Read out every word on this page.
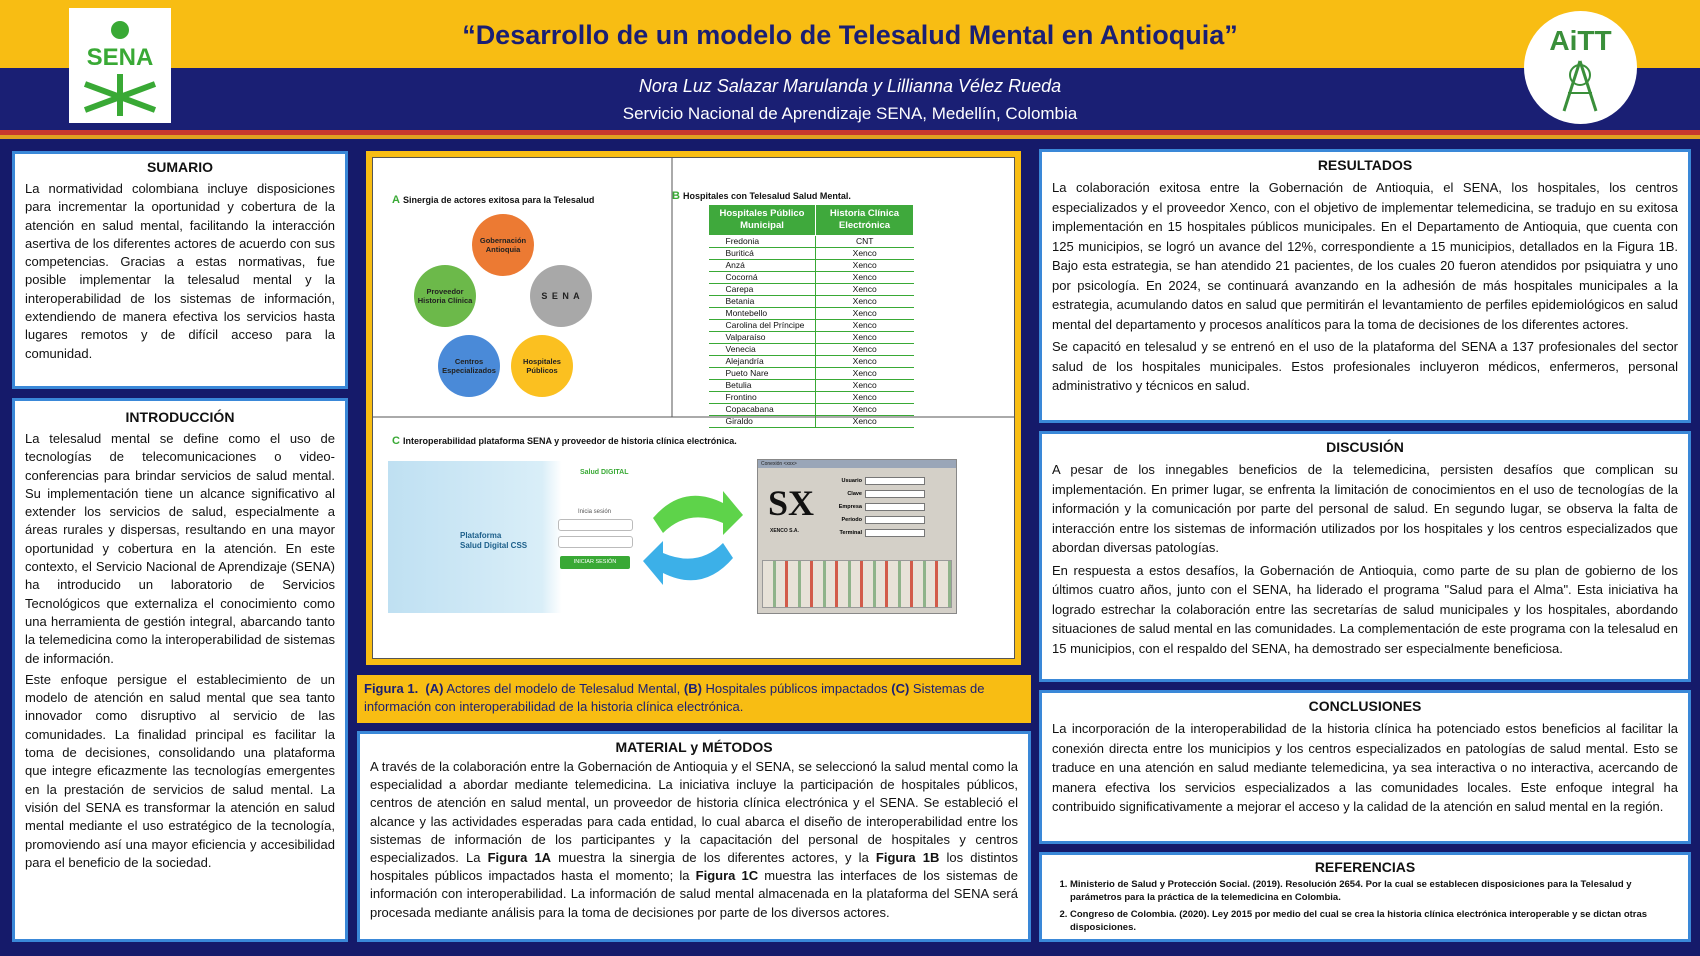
SENA
“Desarrollo de un modelo de Telesalud Mental en Antioquia”
Nora Luz Salazar Marulanda y Lillianna Vélez Rueda
Servicio Nacional de Aprendizaje SENA, Medellín, Colombia
AiTT
SUMARIO

La normatividad colombiana incluye disposiciones para incrementar la oportunidad y cobertura de la atención en salud mental, facilitando la interacción asertiva de los diferentes actores de acuerdo con sus competencias. Gracias a estas normativas, fue posible implementar la telesalud mental y la interoperabilidad de los sistemas de información, extendiendo de manera efectiva los servicios hasta lugares remotos y de difícil acceso para la comunidad.

INTRODUCCIÓN

La telesalud mental se define como el uso de tecnologías de telecomunicaciones o video-conferencias para brindar servicios de salud mental. Su implementación tiene un alcance significativo al extender los servicios de salud, especialmente a áreas rurales y dispersas, resultando en una mayor oportunidad y cobertura en la atención. En este contexto, el Servicio Nacional de Aprendizaje (SENA) ha introducido un laboratorio de Servicios Tecnológicos que externaliza el conocimiento como una herramienta de gestión integral, abarcando tanto la telemedicina como la interoperabilidad de sistemas de información.

Este enfoque persigue el establecimiento de un modelo de atención en salud mental que sea tanto innovador como disruptivo al servicio de las comunidades. La finalidad principal es facilitar la toma de decisiones, consolidando una plataforma que integre eficazmente las tecnologías emergentes en la prestación de servicios de salud mental. La visión del SENA es transformar la atención en salud mental mediante el uso estratégico de la tecnología, promoviendo así una mayor eficiencia y accesibilidad para el beneficio de la sociedad.

A Sinergia de actores exitosa para la Telesalud
Gobernación Antioquia
S E N A
Hospitales Públicos
Centros Especializados
Proveedor Historia Clínica
B Hospitales con Telesalud Salud Mental.
Hospitales Público Municipal	Historia Clínica Electrónica
Fredonia	CNT
Buriticá	Xenco
Anzá	Xenco
Cocorná	Xenco
Carepa	Xenco
Betania	Xenco
Montebello	Xenco
Carolina del Príncipe	Xenco
Valparaíso	Xenco
Venecia	Xenco
Alejandría	Xenco
Pueto Nare	Xenco
Betulia	Xenco
Frontino	Xenco
Copacabana	Xenco
Giraldo	Xenco
C Interoperabilidad plataforma SENA y proveedor de historia clínica electrónica.
Plataforma
Salud Digital CSS
Salud DIGITAL
Inicia sesión
INICIAR SESIÓN
Conexión <xxx>
SX
XENCO S.A.
Usuario
Clave
Empresa
Periodo
Terminal
Figura 1. (A) Actores del modelo de Telesalud Mental, (B) Hospitales públicos impactados (C) Sistemas de información con interoperabilidad de la historia clínica electrónica.
MATERIAL y MÉTODOS

A través de la colaboración entre la Gobernación de Antioquia y el SENA, se seleccionó la salud mental como la especialidad a abordar mediante telemedicina. La iniciativa incluye la participación de hospitales públicos, centros de atención en salud mental, un proveedor de historia clínica electrónica y el SENA. Se estableció el alcance y las actividades esperadas para cada entidad, lo cual abarca el diseño de interoperabilidad entre los sistemas de información de los participantes y la capacitación del personal de hospitales y centros especializados. La Figura 1A muestra la sinergia de los diferentes actores, y la Figura 1B los distintos hospitales públicos impactados hasta el momento; la Figura 1C muestra las interfaces de los sistemas de información con interoperabilidad. La información de salud mental almacenada en la plataforma del SENA será procesada mediante análisis para la toma de decisiones por parte de los diversos actores.

RESULTADOS

La colaboración exitosa entre la Gobernación de Antioquia, el SENA, los hospitales, los centros especializados y el proveedor Xenco, con el objetivo de implementar telemedicina, se tradujo en su exitosa implementación en 15 hospitales públicos municipales. En el Departamento de Antioquia, que cuenta con 125 municipios, se logró un avance del 12%, correspondiente a 15 municipios, detallados en la Figura 1B. Bajo esta estrategia, se han atendido 21 pacientes, de los cuales 20 fueron atendidos por psiquiatra y uno por psicología. En 2024, se continuará avanzando en la adhesión de más hospitales municipales a la estrategia, acumulando datos en salud que permitirán el levantamiento de perfiles epidemiológicos en salud mental del departamento y procesos analíticos para la toma de decisiones de los diferentes actores.

Se capacitó en telesalud y se entrenó en el uso de la plataforma del SENA a 137 profesionales del sector salud de los hospitales municipales. Estos profesionales incluyeron médicos, enfermeros, personal administrativo y técnicos en salud.

DISCUSIÓN

A pesar de los innegables beneficios de la telemedicina, persisten desafíos que complican su implementación. En primer lugar, se enfrenta la limitación de conocimientos en el uso de tecnologías de la información y la comunicación por parte del personal de salud. En segundo lugar, se observa la falta de interacción entre los sistemas de información utilizados por los hospitales y los centros especializados que abordan diversas patologías.

En respuesta a estos desafíos, la Gobernación de Antioquia, como parte de su plan de gobierno de los últimos cuatro años, junto con el SENA, ha liderado el programa "Salud para el Alma". Esta iniciativa ha logrado estrechar la colaboración entre las secretarías de salud municipales y los hospitales, abordando situaciones de salud mental en las comunidades. La complementación de este programa con la telesalud en 15 municipios, con el respaldo del SENA, ha demostrado ser especialmente beneficiosa.

CONCLUSIONES

La incorporación de la interoperabilidad de la historia clínica ha potenciado estos beneficios al facilitar la conexión directa entre los municipios y los centros especializados en patologías de salud mental. Esto se traduce en una atención en salud mediante telemedicina, ya sea interactiva o no interactiva, acercando de manera efectiva los servicios especializados a las comunidades locales. Este enfoque integral ha contribuido significativamente a mejorar el acceso y la calidad de la atención en salud mental en la región.

REFERENCIAS
1. Ministerio de Salud y Protección Social. (2019). Resolución 2654. Por la cual se establecen disposiciones para la Telesalud y parámetros para la práctica de la telemedicina en Colombia.
2. Congreso de Colombia. (2020). Ley 2015 por medio del cual se crea la historia clínica electrónica interoperable y se dictan otras disposiciones.
